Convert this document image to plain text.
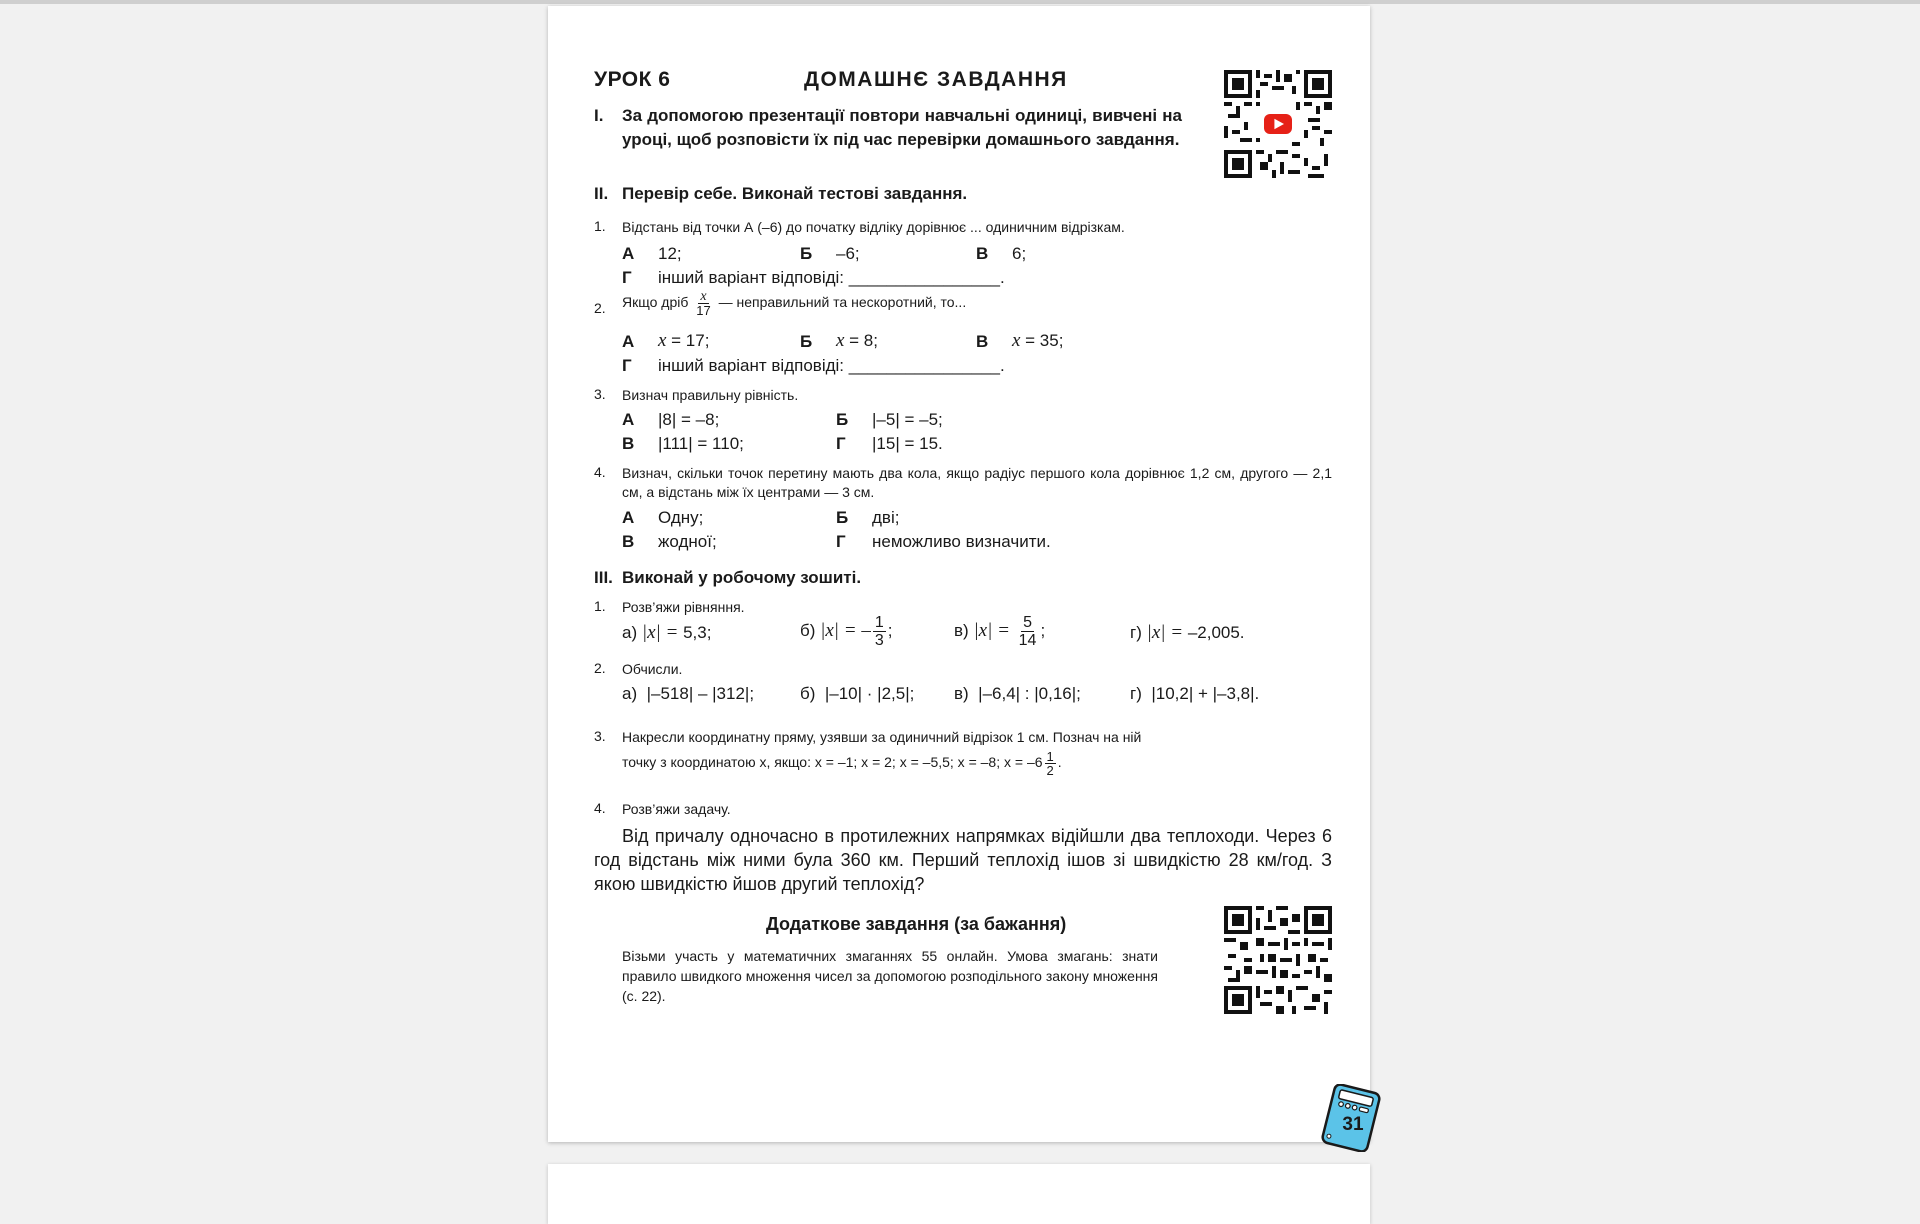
УРОК 6	ДОМАШНЄ ЗАВДАННЯ
I. За допомогою презентації повтори навчальні одиниці, вивчені на уроці, щоб розповісти їх під час перевірки домашнього завдання.
II. Перевір себе. Виконай тестові завдання.
1. Відстань від точки А (–6) до початку відліку дорівнює ... одиничним відрізкам.
А 12;	Б –6;	В 6;
Г інший варіант відповіді: ________________.
2. Якщо дріб $\frac{x}{17}$ — неправильний та нескоротний, то...
А x = 17;	Б x = 8;	В x = 35;
Г інший варіант відповіді: ________________.
3. Визнач правильну рівність.
А |8| = –8;	Б |–5| = –5;
В |111| = 110;	Г |15| = 15.
4. Визнач, скільки точок перетину мають два кола, якщо радіус першого кола дорівнює 1,2 см, другого — 2,1 см, а відстань між їх центрами — 3 см.
А Одну;	Б дві;
В жодної;	Г неможливо визначити.
III. Виконай у робочому зошиті.
1. Розв’яжи рівняння.
а) |x| = 5,3;	б) |x| = – $\frac{1}{3}$ ;	в) $|x| = \frac{5}{14}$ ;	г) |x| = –2,005.
2. Обчисли.
а) |–518| – |312|;	б) |–10| · |2,5|; в) |–6,4| : |0,16|;	г) |10,2| + |–3,8|.
3. Накресли координатну пряму, узявши за одиничний відрізок 1 см. Познач на ній
точку з координатою x, якщо: x = –1; x = 2; x = –5,5; x = –8; $x = -6 \frac{1}{2}$ .
4. Розв’яжи задачу.
Від причалу одночасно в протилежних напрямках відійшли два теплоходи. Через 6 год відстань між ними була 360 км. Перший теплохід ішов зі швидкістю 28 км/год. З якою швидкістю йшов другий теплохід?
Додаткове завдання (за бажання)
Візьми участь у математичних змаганнях 55 онлайн. Умова змагань: знати правило швидкого множення чисел за допомогою розподільного закону множення (с. 22).
31
